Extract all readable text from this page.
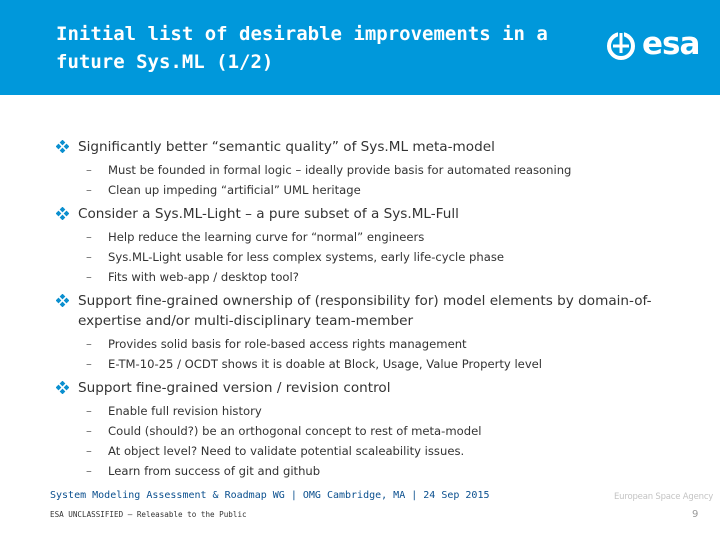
Initial list of desirable improvements in a future Sys.ML (1/2)	esa
Significantly better “semantic quality” of Sys.ML meta-model
– Must be founded in formal logic – ideally provide basis for automated reasoning
– Clean up impeding “artificial” UML heritage
Consider a Sys.ML-Light – a pure subset of a Sys.ML-Full
– Help reduce the learning curve for “normal” engineers
– Sys.ML-Light usable for less complex systems, early life-cycle phase
– Fits with web-app / desktop tool?
Support fine-grained ownership of (responsibility for) model elements by domain-of-expertise and/or multi-disciplinary team-member
– Provides solid basis for role-based access rights management
– E-TM-10-25 / OCDT shows it is doable at Block, Usage, Value Property level
Support fine-grained version / revision control
– Enable full revision history
– Could (should?) be an orthogonal concept to rest of meta-model
– At object level? Need to validate potential scaleability issues.
– Learn from success of git and github
System Modeling Assessment & Roadmap WG | OMG Cambridge, MA | 24 Sep 2015
ESA UNCLASSIFIED – Releasable to the Public
European Space Agency
9
